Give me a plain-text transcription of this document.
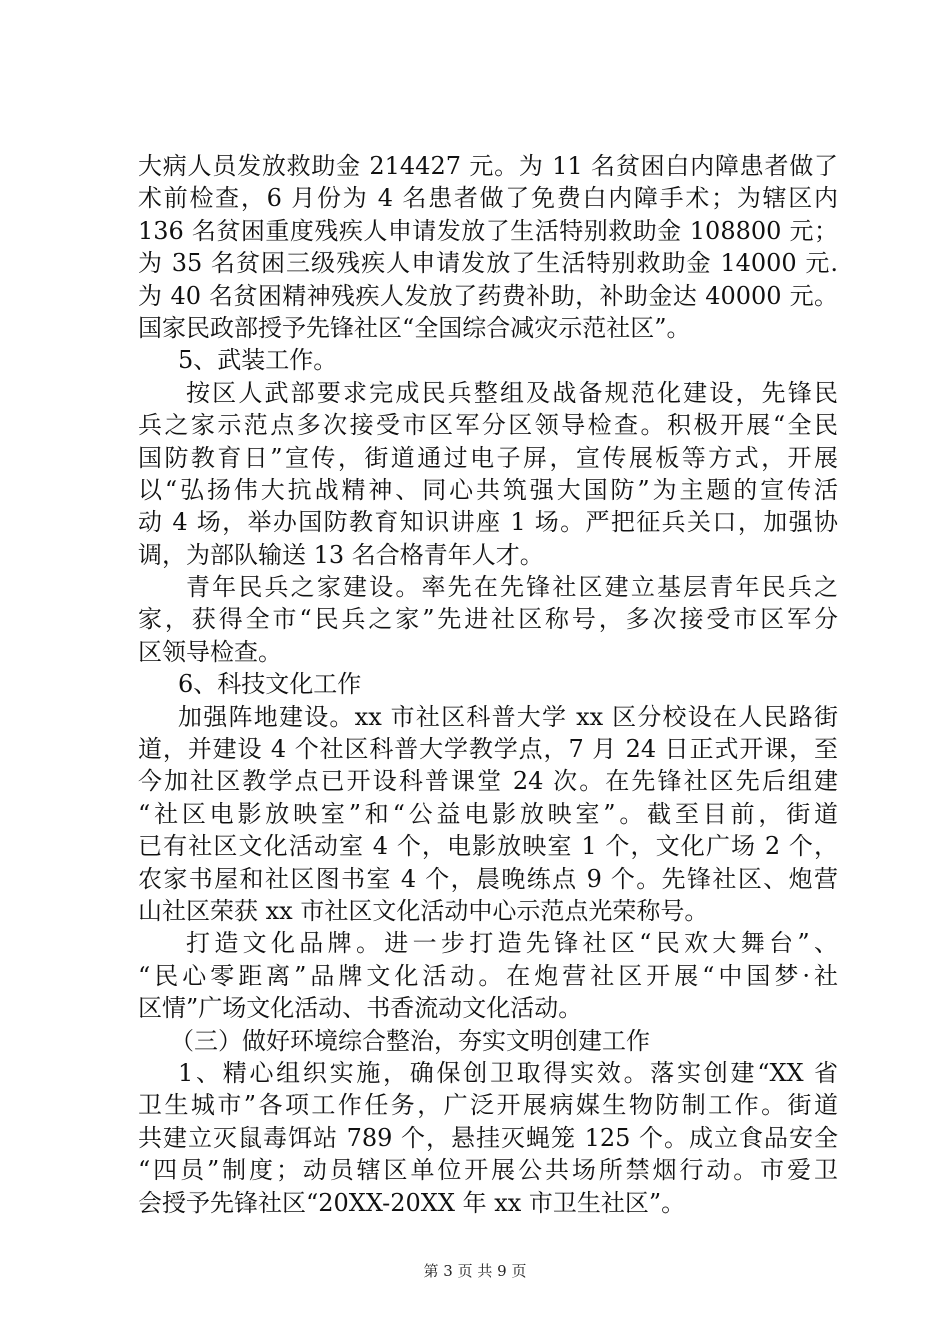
大病人员发放救助金 214427 元。为 11 名贫困白内障患者做了
术前检查，6 月份为 4 名患者做了免费白内障手术；为辖区内
136 名贫困重度残疾人申请发放了生活特别救助金 108800 元；
为 35 名贫困三级残疾人申请发放了生活特别救助金 14000 元.
为 40 名贫困精神残疾人发放了药费补助，补助金达 40000 元。
国家民政部授予先锋社区“全国综合减灾示范社区”。
5、武装工作。
按区人武部要求完成民兵整组及战备规范化建设，先锋民
兵之家示范点多次接受市区军分区领导检查。积极开展“全民
国防教育日”宣传，街道通过电子屏，宣传展板等方式，开展
以“弘扬伟大抗战精神、同心共筑强大国防”为主题的宣传活
动 4 场，举办国防教育知识讲座 1 场。严把征兵关口，加强协
调，为部队输送 13 名合格青年人才。
青年民兵之家建设。率先在先锋社区建立基层青年民兵之
家，获得全市“民兵之家”先进社区称号，多次接受市区军分
区领导检查。
6、科技文化工作
加强阵地建设。xx 市社区科普大学 xx 区分校设在人民路街
道，并建设 4 个社区科普大学教学点，7 月 24 日正式开课，至
今加社区教学点已开设科普课堂 24 次。在先锋社区先后组建
“社区电影放映室”和“公益电影放映室”。截至目前，街道
已有社区文化活动室 4 个，电影放映室 1 个，文化广场 2 个，
农家书屋和社区图书室 4 个，晨晚练点 9 个。先锋社区、炮营
山社区荣获 xx 市社区文化活动中心示范点光荣称号。
打造文化品牌。进一步打造先锋社区“民欢大舞台”、
“民心零距离”品牌文化活动。在炮营社区开展“中国梦·社
区情”广场文化活动、书香流动文化活动。
（三）做好环境综合整治，夯实文明创建工作
1、精心组织实施，确保创卫取得实效。落实创建“XX 省
卫生城市”各项工作任务，广泛开展病媒生物防制工作。街道
共建立灭鼠毒饵站 789 个，悬挂灭蝇笼 125 个。成立食品安全
“四员”制度；动员辖区单位开展公共场所禁烟行动。市爱卫
会授予先锋社区“20XX-20XX 年 xx 市卫生社区”。
第 3 页 共 9 页
